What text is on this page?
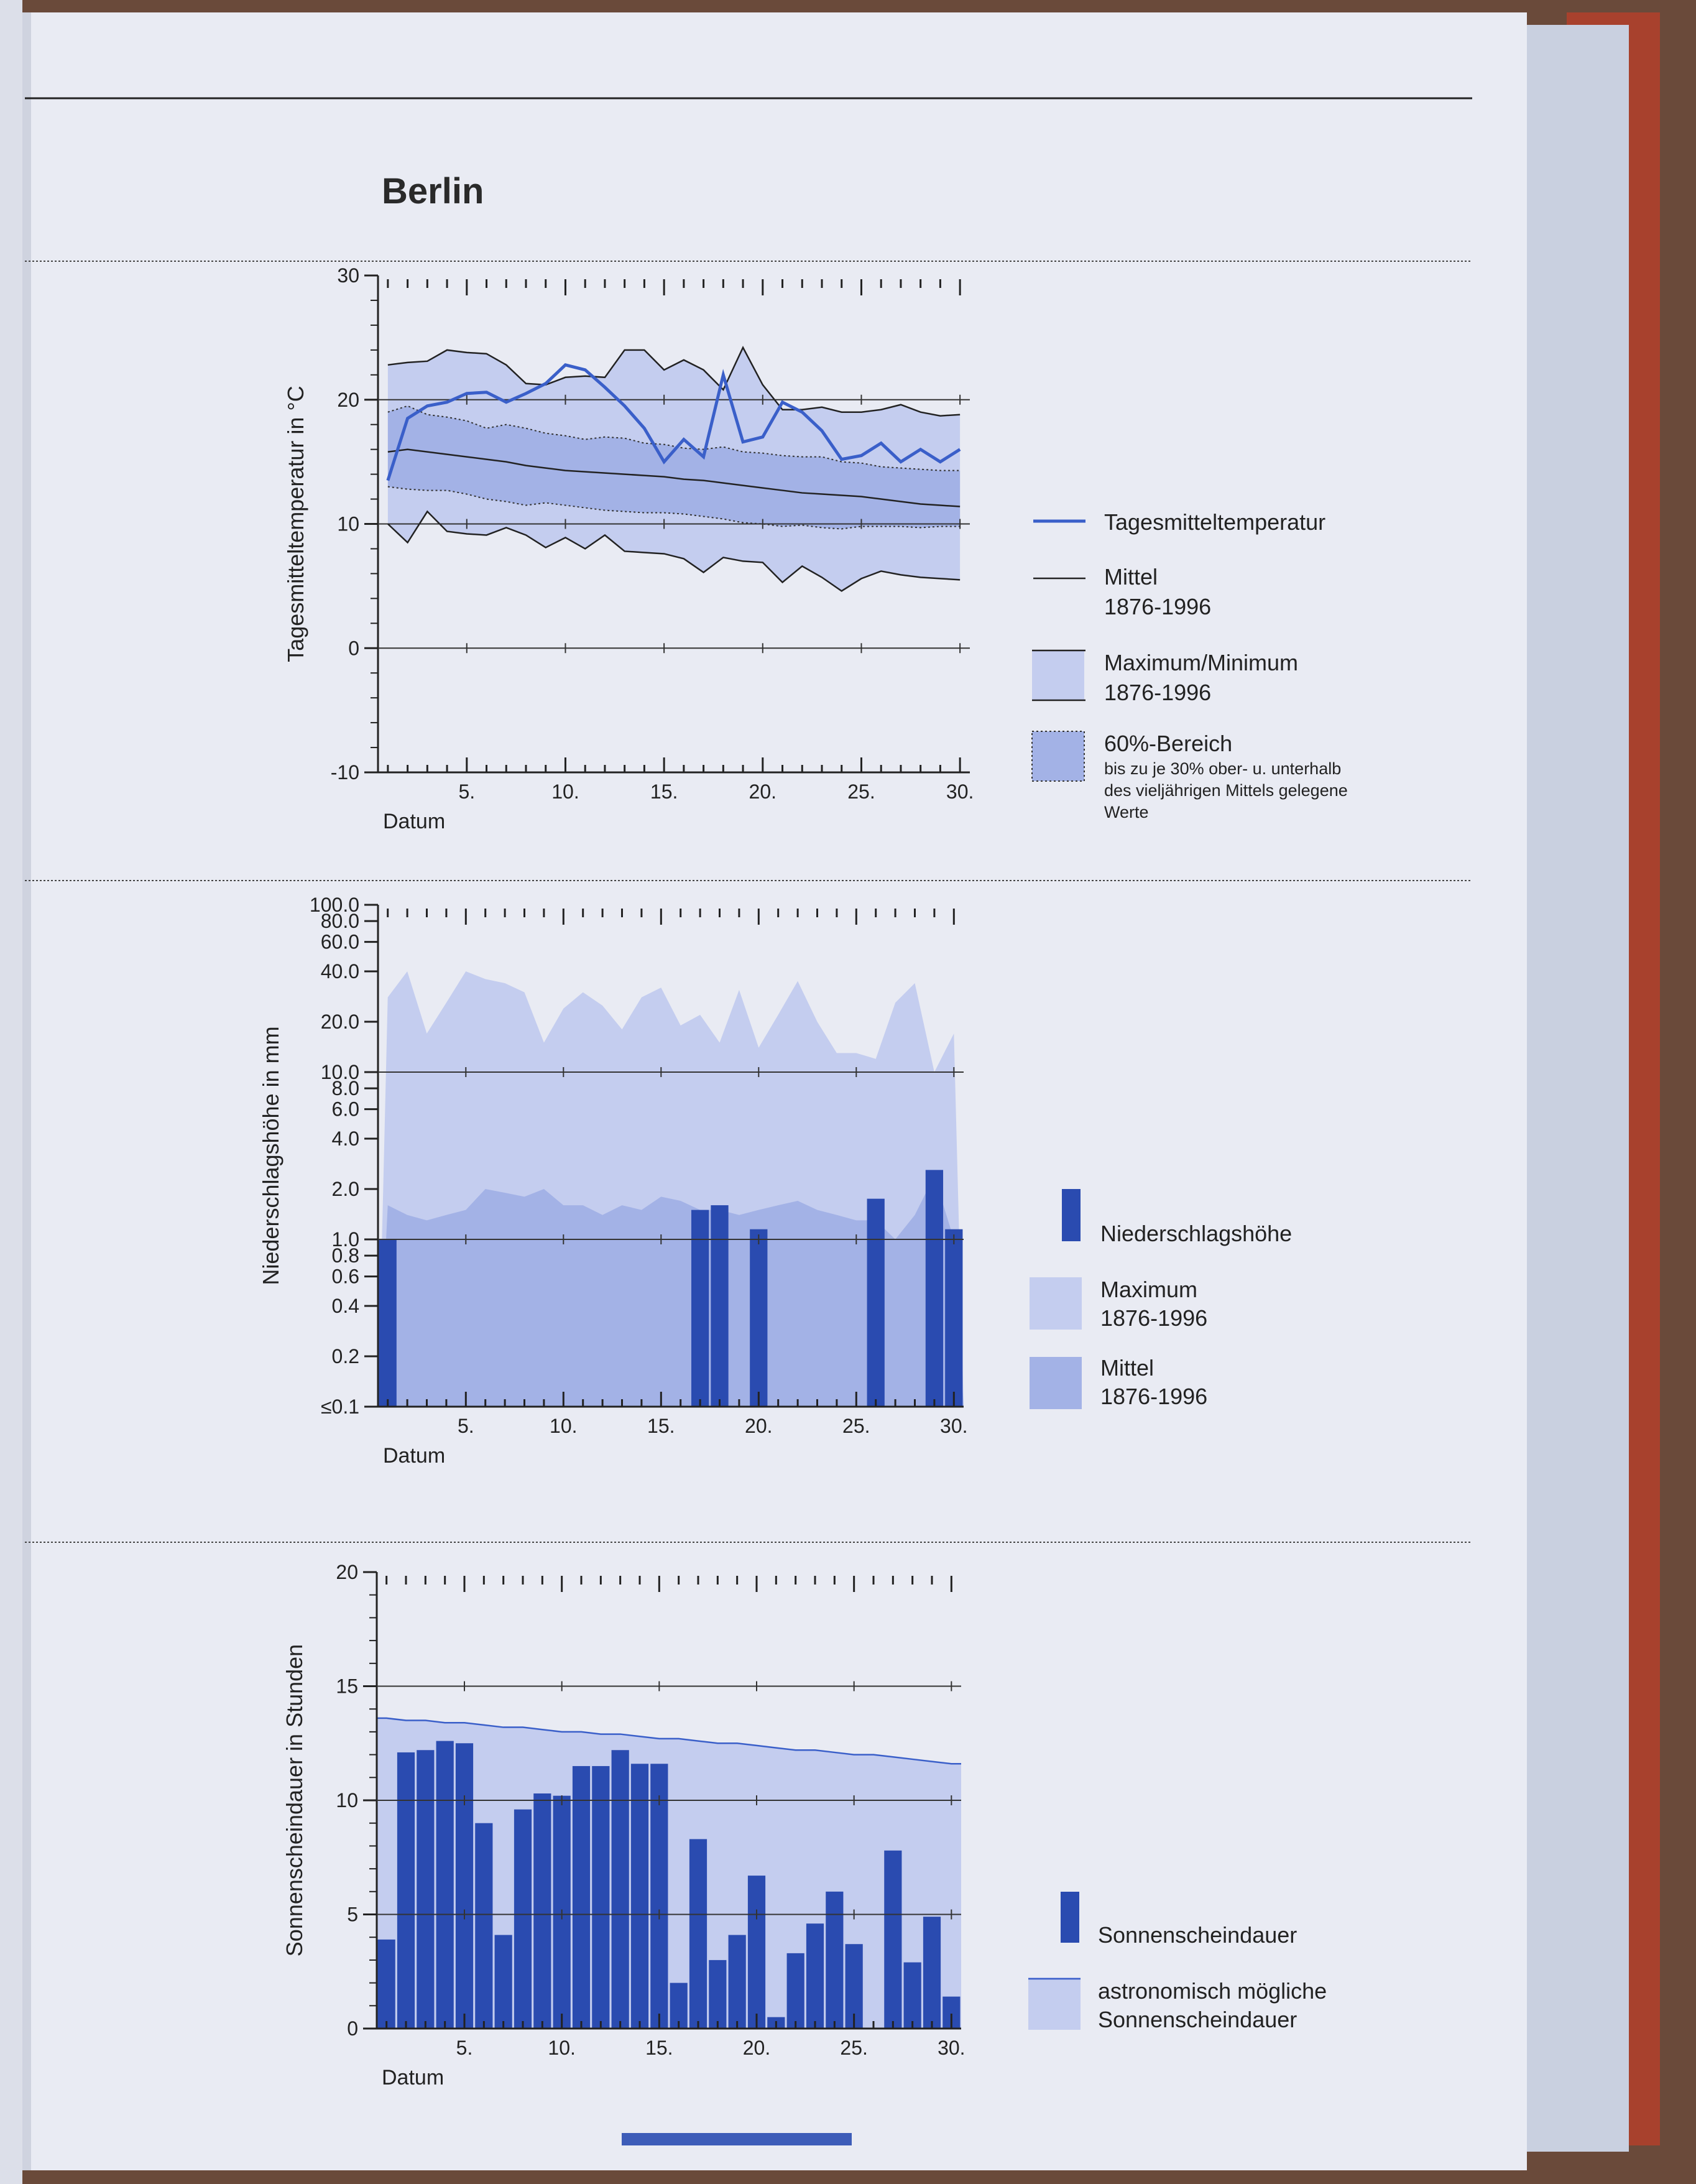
Berlin
-10
0
10
20
30
5.	10.	15.	20.	25.	30.
Datum
Tagesmitteltemperatur in °C	Tagesmitteltemperatur
Mittel
1876-1996
Maximum/Minimum
1876-1996
60%-Bereich
bis zu je 30% ober- u. unterhalb
des vieljährigen Mittels gelegene
Werte
≤0.1
0.2
0.4
0.6
0.8
1.0
2.0
4.0
6.0
8.0
10.0
20.0
40.0
60.0
80.0
100.0
5.	10.	15.	20.	25.	30.
Datum
Niederschlagshöhe in mm	Niederschlagshöhe
Maximum
1876-1996
Mittel
1876-1996
0
5
10
15
20
5.	10.	15.	20.	25.	30.
Datum
Sonnenscheindauer in Stunden	Sonnenscheindauer
astronomisch mögliche
Sonnenscheindauer
